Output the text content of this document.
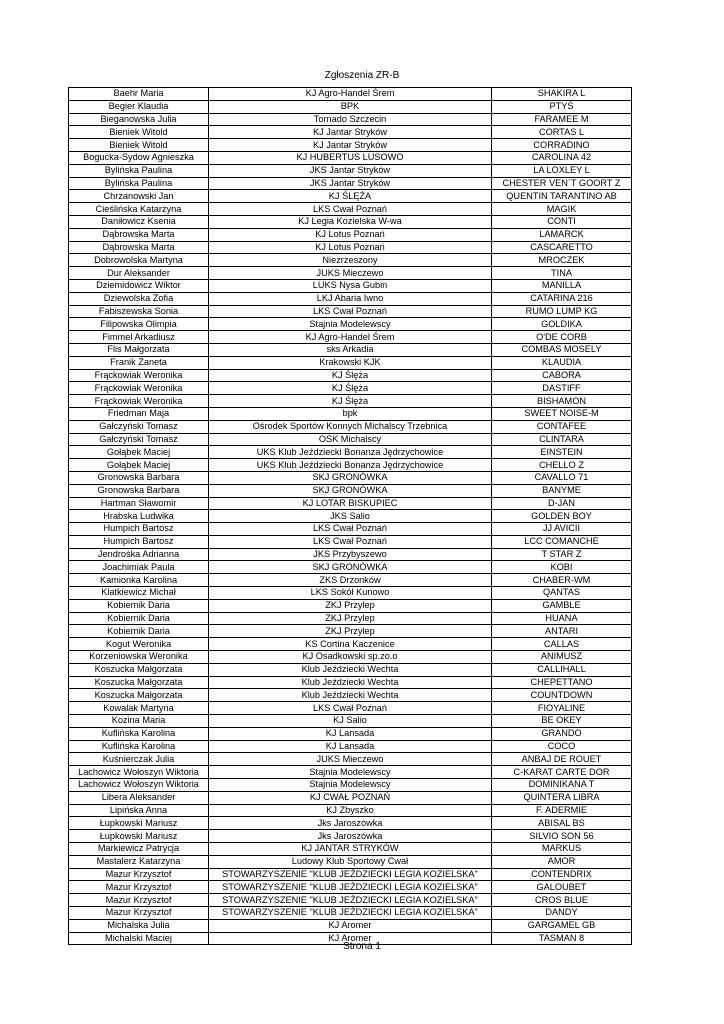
Zgłoszenia ZR-B
Baehr Maria	KJ Agro-Handel Śrem	SHAKIRA L
Begier Klaudia	BPK	PTYŚ
Bieganowska Julia	Tornado Szczecin	FARAMEE M
Bieniek Witold	KJ Jantar Stryków	CORTAS L
Bieniek Witold	KJ Jantar Stryków	CORRADINO
Bogucka-Sydow Agnieszka	KJ HUBERTUS LUSOWO	CAROLINA 42
Bylińska Paulina	JKS Jantar Stryków	LA LOXLEY L
Bylińska Paulina	JKS Jantar Stryków	CHESTER VEN`T GOORT Z
Chrzanowski Jan	KJ ŚLĘŻA	QUENTIN TARANTINO AB
Cieślińska Katarzyna	LKS Cwał Poznań	MAGIK
Daniłowicz Ksenia	KJ Legia Kozielska W-wa	CONTI
Dąbrowska Marta	KJ Lotus Poznań	LAMARCK
Dąbrowska Marta	KJ Lotus Poznań	CASCARETTO
Dobrowolska Martyna	Niezrzeszony	MROCZEK
Dur Aleksander	JUKS Mieczewo	TINA
Dziemidowicz Wiktor	LUKS Nysa Gubin	MANILLA
Dziewolska Zofia	LKJ Abaria Iwno	CATARINA 216
Fabiszewska Sonia	LKS Cwał Poznań	RUMO LUMP KG
Filipowska Olimpia	Stajnia Modelewscy	GOLDIKA
Fimmel Arkadiusz	KJ Agro-Handel Śrem	O'DE CORB
Flis Małgorzata	sks Arkadia	COMBAS MOSELY
Franik Żaneta	Krakowski KJK	KLAUDIA
Frąckowiak Weronika	KJ Ślęża	CABORA
Frąckowiak Weronika	KJ Ślęża	DASTIFF
Frąckowiak Weronika	KJ Ślęża	BISHAMON
Friedman Maja	bpk	SWEET NOISE-M
Gałczyński Tomasz	Ośrodek Sportów Konnych Michalscy Trzebnica	CONTAFEE
Gałczyński Tomasz	OSK Michalscy	CLINTARA
Gołąbek Maciej	UKS Klub Jeździecki Bonanza Jędrzychowice	EINSTEIN
Gołąbek Maciej	UKS Klub Jeździecki Bonanza Jędrzychowice	CHELLO Z
Gronowska Barbara	SKJ GRONÓWKA	CAVALLO 71
Gronowska Barbara	SKJ GRONÓWKA	BANYME
Hartman Sławomir	KJ LOTAR BISKUPIEC	D-JAN
Hrabska Ludwika	JKS Salio	GOLDEN BOY
Humpich Bartosz	LKS Cwał Poznań	JJ AVICII
Humpich Bartosz	LKS Cwał Poznań	LCC COMANCHE
Jendrośka Adrianna	JKS Przybyszewo	T STAR Z
Joachimiak Paula	SKJ GRONÓWKA	KOBI
Kamionka Karolina	ZKS Drzonków	CHABER-WM
Klatkiewicz Michał	LKS Sokół Kunowo	QANTAS
Kobiernik Daria	ZKJ Przylep	GAMBLE
Kobiernik Daria	ZKJ Przylep	HUANA
Kobiernik Daria	ZKJ Przylep	ANTARI
Kogut Weronika	KS Cortina Kaczenice	CALLAS
Korzeniowska Weronika	KJ Osadkowski sp.zo.o	ANIMUSZ
Koszucka Małgorzata	Klub Jeździecki Wechta	CALLIHALL
Koszucka Małgorzata	Klub Jeździecki Wechta	CHEPETTANO
Koszucka Małgorzata	Klub Jeździecki Wechta	COUNTDOWN
Kowalak Martyna	LKS Cwał Poznań	FIOYALINE
Kozina Maria	KJ Salio	BE OKEY
Kuflińska Karolina	KJ Lansada	GRANDO
Kuflińska Karolina	KJ Lansada	COCO
Kuśnierczak Julia	JUKS Mieczewo	ANBAJ DE ROUET
Lachowicz Wołoszyn Wiktoria	Stajnia Modelewscy	C-KARAT CARTE DOR
Lachowicz Wołoszyn Wiktoria	Stajnia Modelewscy	DOMINIKANA T
Libera Aleksander	KJ CWAŁ POZNAŃ	QUINTERA LIBRA
Lipińska Anna	KJ Zbyszko	F. ADERMIE
Łupkowski Mariusz	Jks Jaroszówka	ABISAL BS
Łupkowski Mariusz	Jks Jaroszówka	SILVIO SON 56
Markiewicz Patrycja	KJ JANTAR STRYKÓW	MARKUS
Mastalerz Katarzyna	Ludowy Klub Sportowy Cwał	AMOR
Mazur Krzysztof	STOWARZYSZENIE "KLUB JEŹDZIECKI LEGIA KOZIELSKA"	CONTENDRIX
Mazur Krzysztof	STOWARZYSZENIE "KLUB JEŹDZIECKI LEGIA KOZIELSKA"	GALOUBET
Mazur Krzysztof	STOWARZYSZENIE "KLUB JEŹDZIECKI LEGIA KOZIELSKA"	CROS BLUE
Mazur Krzysztof	STOWARZYSZENIE "KLUB JEŹDZIECKI LEGIA KOZIELSKA"	DANDY
Michalska Julia	KJ Aromer	GARGAMEL GB
Michalski Maciej	KJ Aromer	TASMAN 8
Strona 1
